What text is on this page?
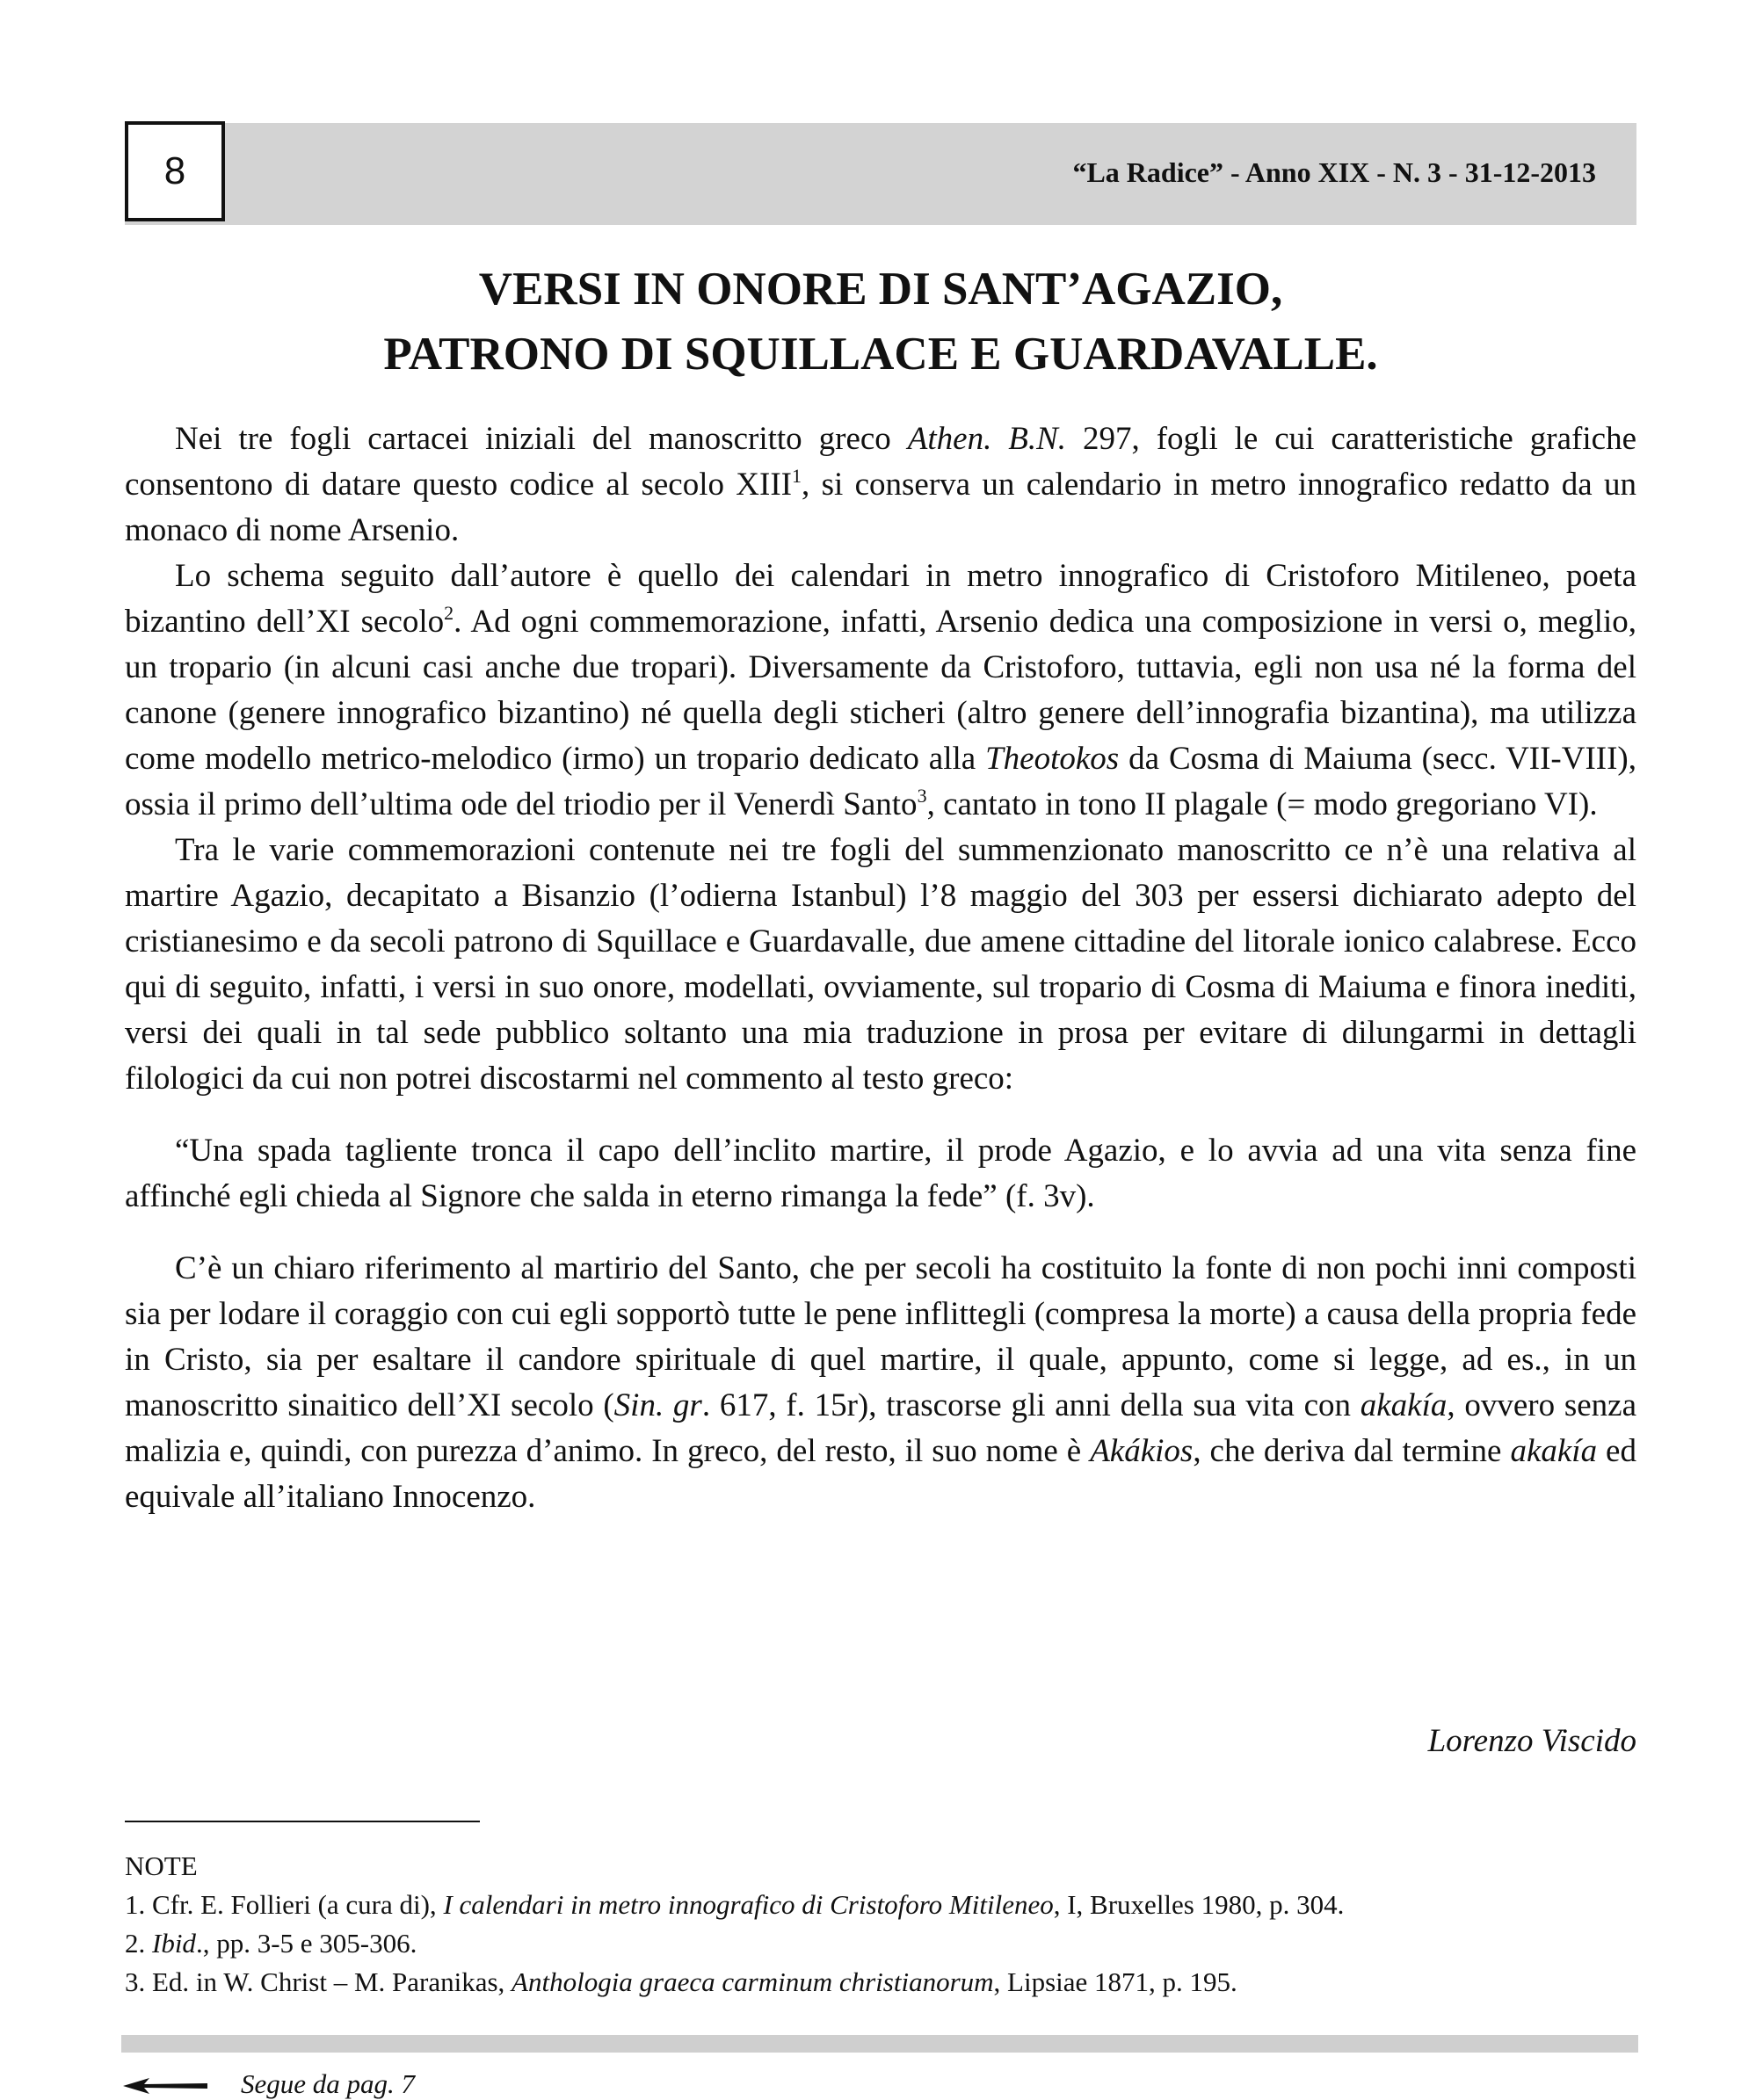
8	“La Radice” - Anno XIX - N. 3 - 31-12-2013
VERSI IN ONORE DI SANT’AGAZIO,
PATRONO DI SQUILLACE E GUARDAVALLE.

Nei tre fogli cartacei iniziali del manoscritto greco Athen. B.N. 297, fogli le cui caratteristiche grafiche consentono di datare questo codice al secolo XIII$^1$, si conserva un calendario in metro innografico redatto da un monaco di nome Arsenio.

Lo schema seguito dall’autore è quello dei calendari in metro innografico di Cristoforo Mitileneo, poeta bizantino dell’XI secolo$^2$. Ad ogni commemorazione, infatti, Arsenio dedica una composizione in versi o, meglio, un tropario (in alcuni casi anche due tropari). Diversamente da Cristoforo, tuttavia, egli non usa né la forma del canone (genere innografico bizantino) né quella degli sticheri (altro genere dell’innografia bizantina), ma utilizza come modello metrico-melodico (irmo) un tropario dedicato alla Theotokos da Cosma di Maiuma (secc. VII-VIII), ossia il primo dell’ultima ode del triodio per il Venerdì Santo$^3$, cantato in tono II plagale (= modo gregoriano VI).

Tra le varie commemorazioni contenute nei tre fogli del summenzionato manoscritto ce n’è una relativa al martire Agazio, decapitato a Bisanzio (l’odierna Istanbul) l’8 maggio del 303 per essersi dichiarato adepto del cristianesimo e da secoli patrono di Squillace e Guardavalle, due amene cittadine del litorale ionico calabrese. Ecco qui di seguito, infatti, i versi in suo onore, modellati, ovviamente, sul tropario di Cosma di Maiuma e finora inediti, versi dei quali in tal sede pubblico soltanto una mia traduzione in prosa per evitare di dilungarmi in dettagli filologici da cui non potrei discostarmi nel commento al testo greco:

“Una spada tagliente tronca il capo dell’inclito martire, il prode Agazio, e lo avvia ad una vita senza fine affinché egli chieda al Signore che salda in eterno rimanga la fede” (f. 3v).

C’è un chiaro riferimento al martirio del Santo, che per secoli ha costituito la fonte di non pochi inni composti sia per lodare il coraggio con cui egli sopportò tutte le pene inflittegli (compresa la morte) a causa della propria fede in Cristo, sia per esaltare il candore spirituale di quel martire, il quale, appunto, come si legge, ad es., in un manoscritto sinaitico dell’XI secolo (Sin. gr. 617, f. 15r), trascorse gli anni della sua vita con akakía, ovvero senza malizia e, quindi, con purezza d’animo. In greco, del resto, il suo nome è Akákios, che deriva dal termine akakía ed equivale all’italiano Innocenzo.

Lorenzo Viscido
NOTE
1. Cfr. E. Follieri (a cura di), I calendari in metro innografico di Cristoforo Mitileneo, I, Bruxelles 1980, p. 304.
2. Ibid., pp. 3-5 e 305-306.
3. Ed. in W. Christ – M. Paranikas, Anthologia graeca carminum christianorum, Lipsiae 1871, p. 195.
Segue da pag. 7
